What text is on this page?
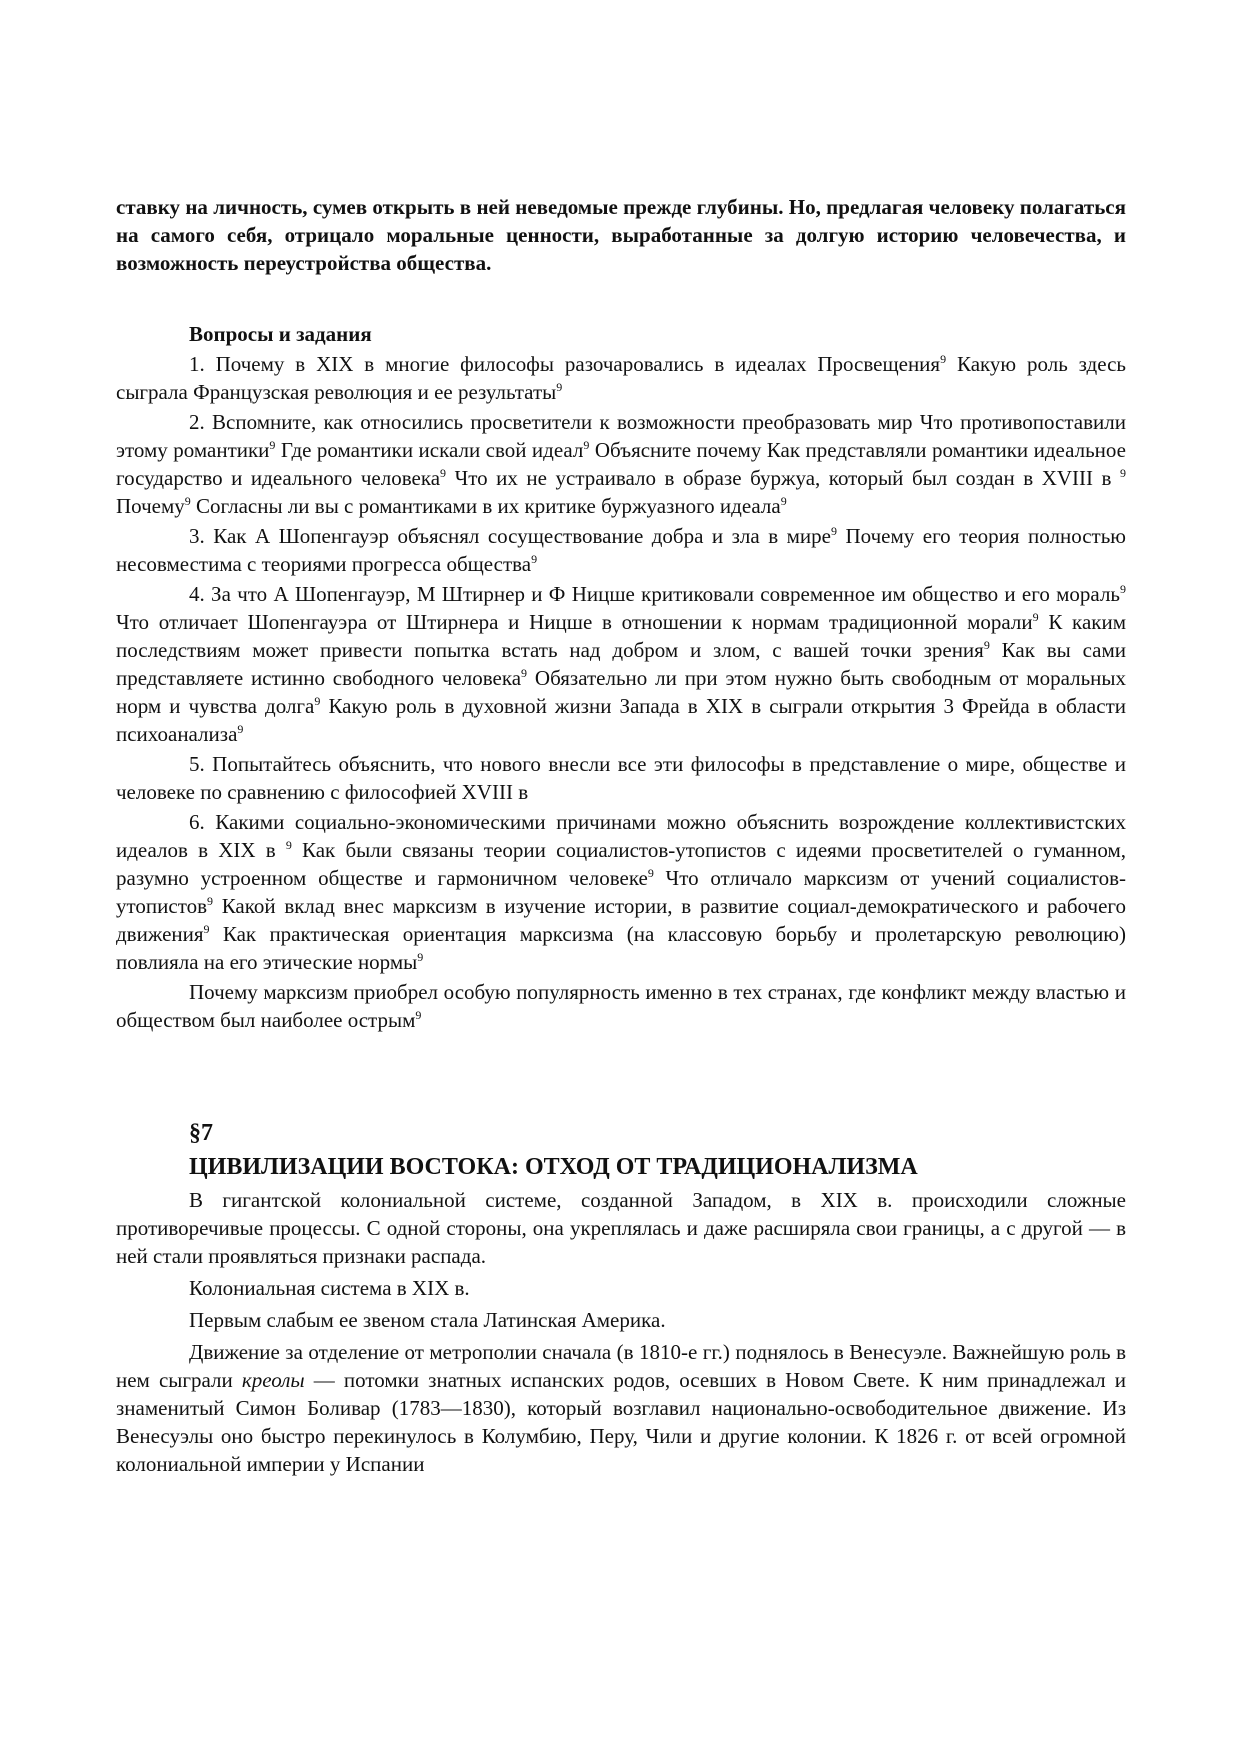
ставку на личность, сумев открыть в ней неведомые прежде глубины. Но, предлагая человеку полагаться на самого себя, отрицало моральные ценности, выработанные за долгую историю человечества, и возможность переустройства общества.

Вопросы и задания

1. Почему в XIX в многие философы разочаровались в идеалах Просвещения$^9$ Какую роль здесь сыграла Французская революция и ее результаты$^9$

2. Вспомните, как относились просветители к возможности преобразовать мир Что противопоставили этому романтики$^9$ Где романтики искали свой идеал$^9$ Объясните почему Как представляли романтики идеальное государство и идеального человека$^9$ Что их не устраивало в образе буржуа, который был создан в XVIII в $^9$ Почему$^9$ Согласны ли вы с романтиками в их критике буржуазного идеала$^9$

3. Как А Шопенгауэр объяснял сосуществование добра и зла в мире$^9$ Почему его теория полностью несовместима с теориями прогресса общества$^9$

4. За что А Шопенгауэр, М Штирнер и Ф Ницше критиковали современное им общество и его мораль$^9$ Что отличает Шопенгауэра от Штирнера и Ницше в отношении к нормам традиционной морали$^9$ К каким последствиям может привести попытка встать над добром и злом, с вашей точки зрения$^9$ Как вы сами представляете истинно свободного человека$^9$ Обязательно ли при этом нужно быть свободным от моральных норм и чувства долга$^9$ Какую роль в духовной жизни Запада в XIX в сыграли открытия 3 Фрейда в области психоанализа$^9$

5. Попытайтесь объяснить, что нового внесли все эти философы в представление о мире, обществе и человеке по сравнению с философией XVIII в

6. Какими социально-экономическими причинами можно объяснить возрождение коллективистских идеалов в XIX в $^9$ Как были связаны теории социалистов-утопистов с идеями просветителей о гуманном, разумно устроенном обществе и гармоничном человеке$^9$ Что отличало марксизм от учений социалистов-утопистов$^9$ Какой вклад внес марксизм в изучение истории, в развитие социал-демократического и рабочего движения$^9$ Как практическая ориентация марксизма (на классовую борьбу и пролетарскую революцию) повлияла на его этические нормы$^9$

Почему марксизм приобрел особую популярность именно в тех странах, где конфликт между властью и обществом был наиболее острым$^9$

§7
ЦИВИЛИЗАЦИИ ВОСТОКА: ОТХОД ОТ ТРАДИЦИОНАЛИЗМА

В гигантской колониальной системе, созданной Западом, в XIX в. происходили сложные противоречивые процессы. С одной стороны, она укреплялась и даже расширяла свои границы, а с другой — в ней стали проявляться признаки распада.

Колониальная система в XIX в.

Первым слабым ее звеном стала Латинская Америка.

Движение за отделение от метрополии сначала (в 1810-е гг.) поднялось в Венесуэле. Важнейшую роль в нем сыграли креолы — потомки знатных испанских родов, осевших в Новом Свете. К ним принадлежал и знаменитый Симон Боливар (1783—1830), который возглавил национально-освободительное движение. Из Венесуэлы оно быстро перекинулось в Колумбию, Перу, Чили и другие колонии. К 1826 г. от всей огромной колониальной империи у Испании
